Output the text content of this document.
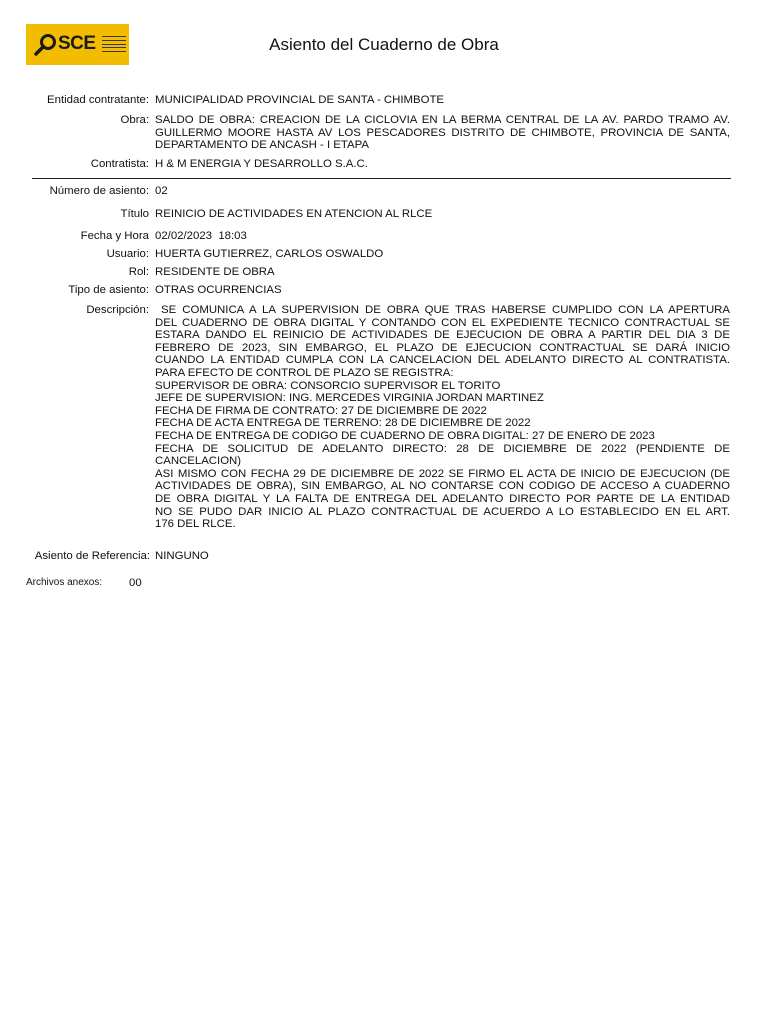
SCE	Asiento del Cuaderno de Obra
Entidad contratante: MUNICIPALIDAD PROVINCIAL DE SANTA - CHIMBOTE
Obra: SALDO DE OBRA: CREACION DE LA CICLOVIA EN LA BERMA CENTRAL DE LA AV. PARDO TRAMO AV. GUILLERMO MOORE HASTA AV LOS PESCADORES DISTRITO DE CHIMBOTE, PROVINCIA DE SANTA, DEPARTAMENTO DE ANCASH - I ETAPA
Contratista: H & M ENERGIA Y DESARROLLO S.A.C.
Número de asiento: 02
Título REINICIO DE ACTIVIDADES EN ATENCION AL RLCE
Fecha y Hora 02/02/2023  18:03
Usuario: HUERTA GUTIERREZ, CARLOS OSWALDO
Rol: RESIDENTE DE OBRA
Tipo de asiento: OTRAS OCURRENCIAS
Descripción: SE COMUNICA A LA SUPERVISION DE OBRA QUE TRAS HABERSE CUMPLIDO CON LA APERTURA
DEL CUADERNO DE OBRA DIGITAL Y CONTANDO CON EL EXPEDIENTE TECNICO CONTRACTUAL SE
ESTARA DANDO EL REINICIO DE ACTIVIDADES DE EJECUCION DE OBRA A PARTIR DEL DIA 3 DE
FEBRERO DE 2023, SIN EMBARGO, EL PLAZO DE EJECUCION CONTRACTUAL SE DARÁ INICIO
CUANDO LA ENTIDAD CUMPLA CON LA CANCELACION DEL ADELANTO DIRECTO AL CONTRATISTA.
PARA EFECTO DE CONTROL DE PLAZO SE REGISTRA:
SUPERVISOR DE OBRA: CONSORCIO SUPERVISOR EL TORITO
JEFE DE SUPERVISION: ING. MERCEDES VIRGINIA JORDAN MARTINEZ
FECHA DE FIRMA DE CONTRATO: 27 DE DICIEMBRE DE 2022
FECHA DE ACTA ENTREGA DE TERRENO: 28 DE DICIEMBRE DE 2022
FECHA DE ENTREGA DE CODIGO DE CUADERNO DE OBRA DIGITAL: 27 DE ENERO DE 2023
FECHA DE SOLICITUD DE ADELANTO DIRECTO: 28 DE DICIEMBRE DE 2022 (PENDIENTE DE
CANCELACION)
ASI MISMO CON FECHA 29 DE DICIEMBRE DE 2022 SE FIRMO EL ACTA DE INICIO DE EJECUCION (DE
ACTIVIDADES DE OBRA), SIN EMBARGO, AL NO CONTARSE CON CODIGO DE ACCESO A CUADERNO
DE OBRA DIGITAL Y LA FALTA DE ENTREGA DEL ADELANTO DIRECTO POR PARTE DE LA ENTIDAD
NO SE PUDO DAR INICIO AL PLAZO CONTRACTUAL DE ACUERDO A LO ESTABLECIDO EN EL ART.
176 DEL RLCE.
Asiento de Referencia: NINGUNO
Archivos anexos: 00
